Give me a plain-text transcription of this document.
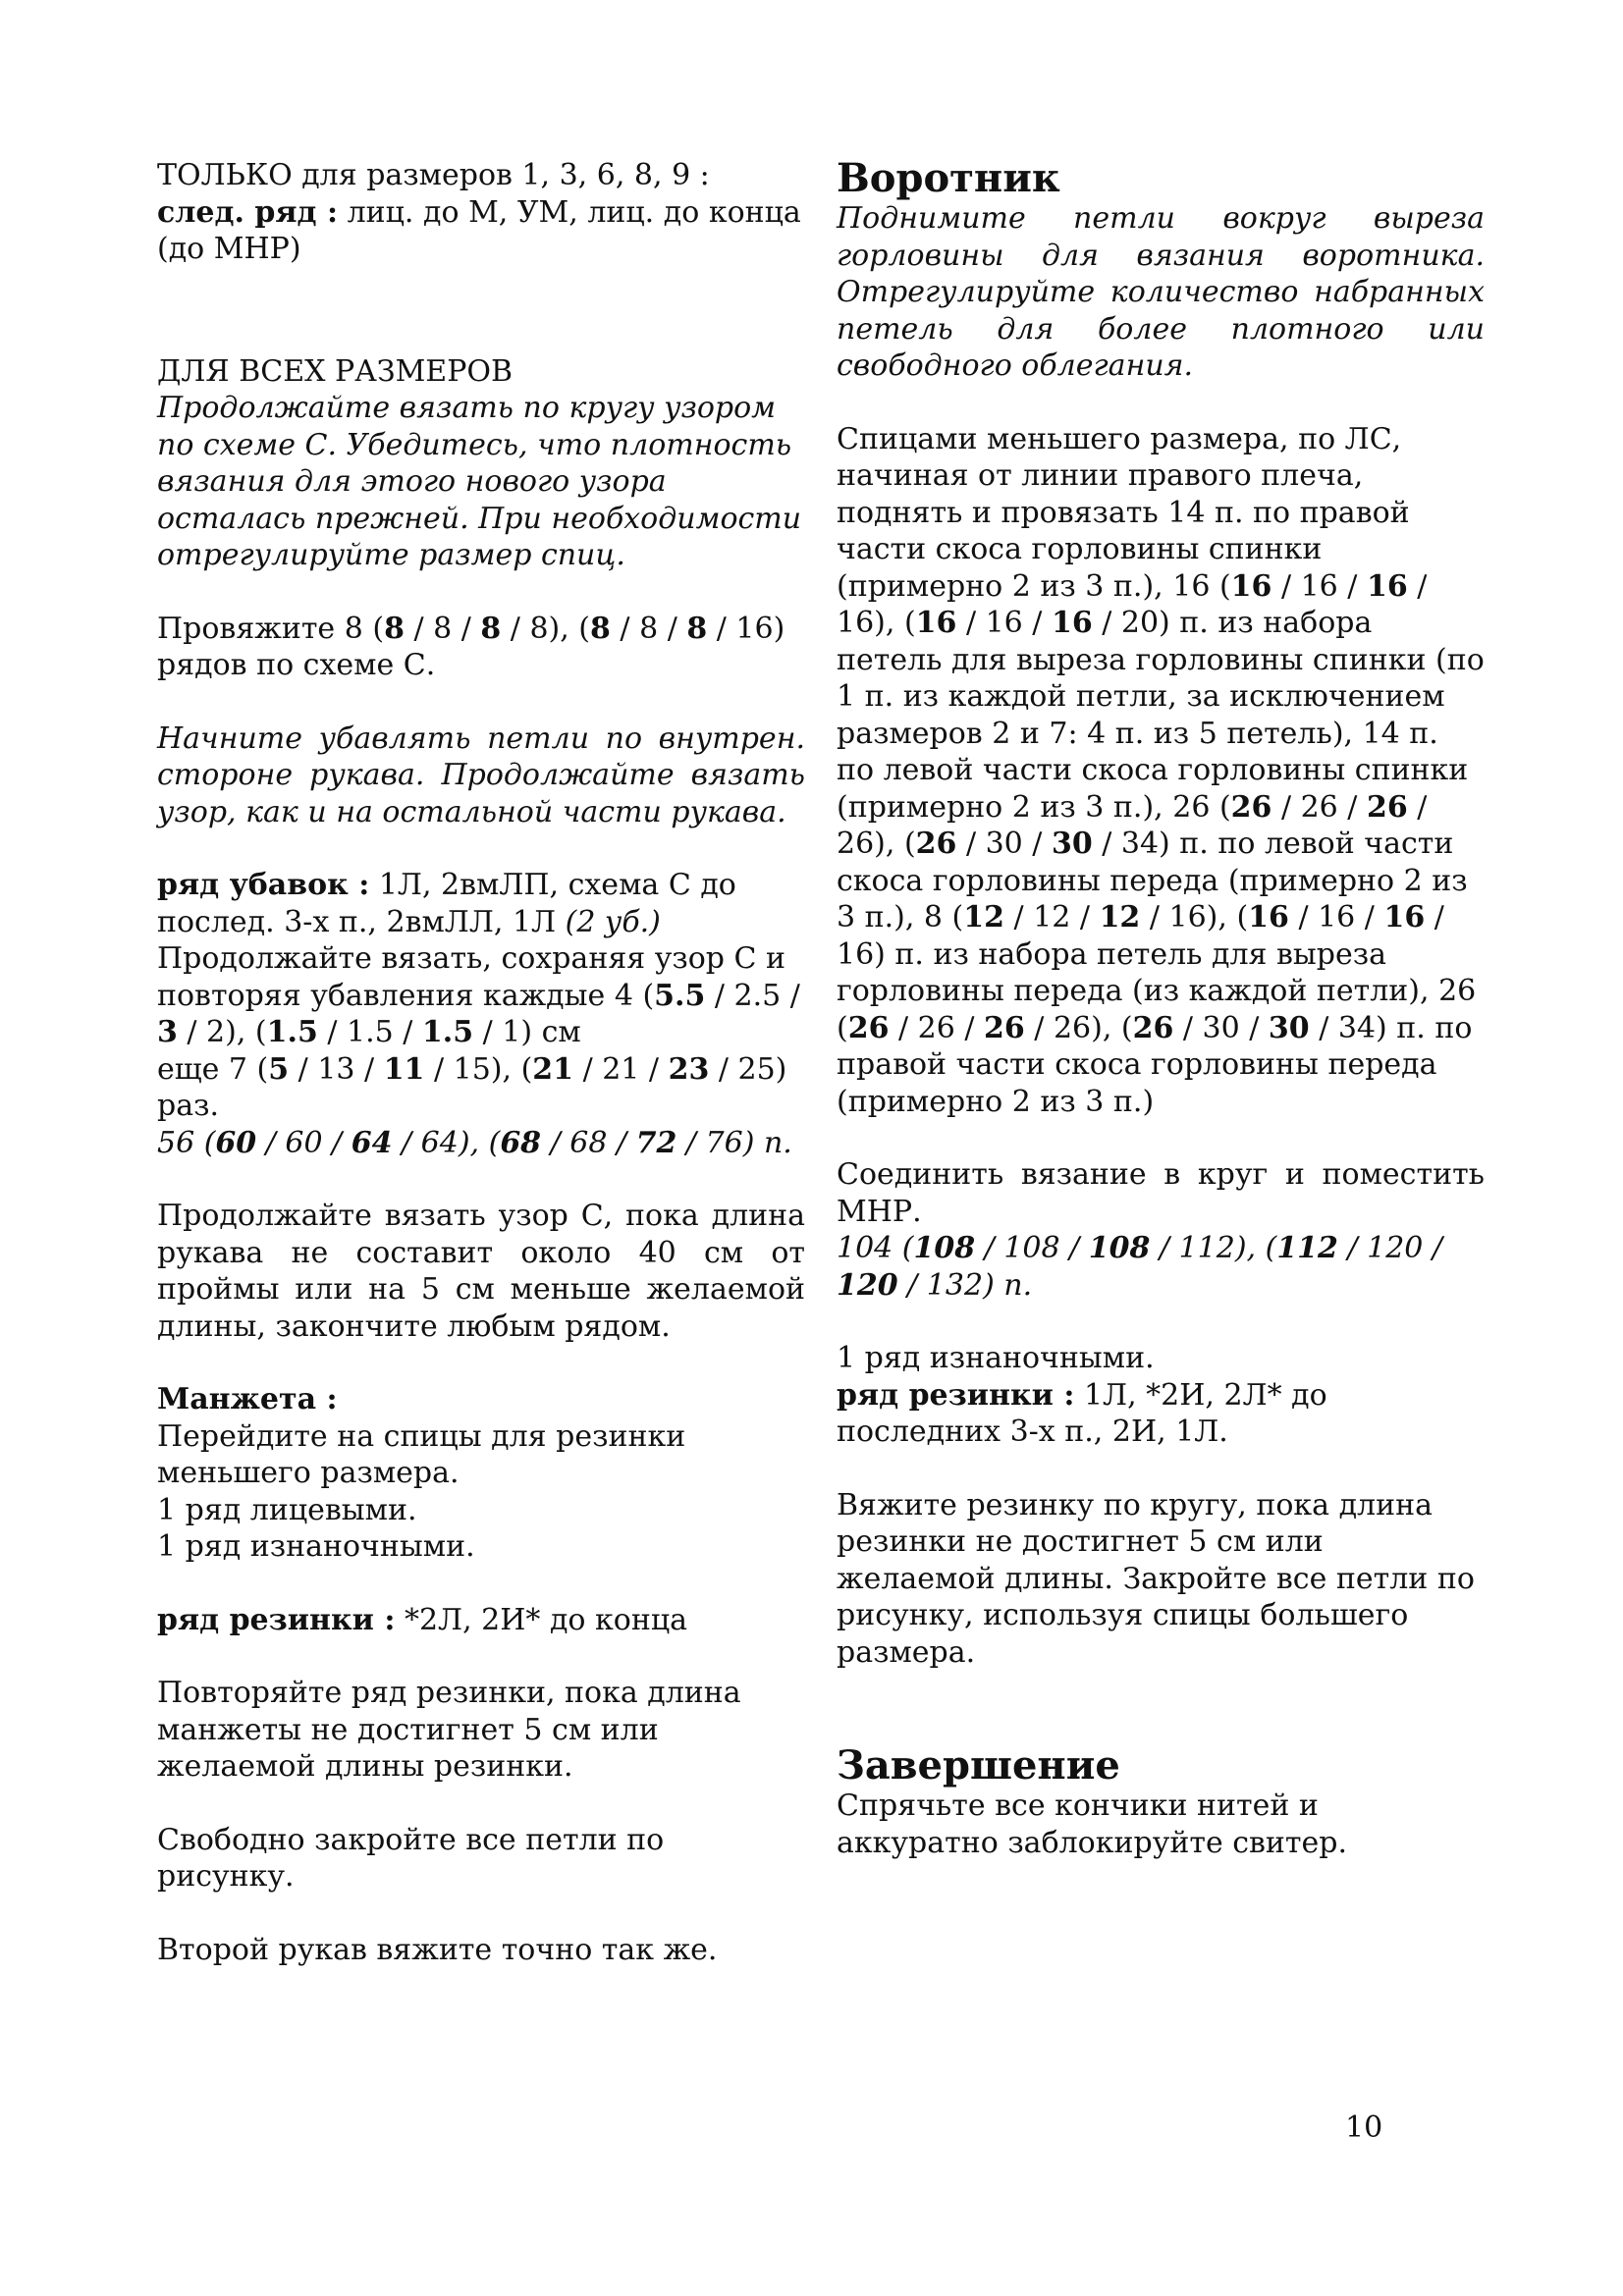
ТОЛЬКО для размеров 1, 3, 6, 8, 9 :

след. ряд : лиц. до М, УМ, лиц. до конца (до МНР)

ДЛЯ ВСЕХ РАЗМЕРОВ

Продолжайте вязать по кругу узором по схеме С. Убедитесь, что плотность вязания для этого нового узора осталась прежней. При необходимости отрегулируйте размер спиц.

Провяжите 8 (8 / 8 / 8 / 8), (8 / 8 / 8 / 16) рядов по схеме С.

Начните убавлять петли по внутрен. стороне рукава. Продолжайте вязать узор, как и на остальной части рукава.

ряд убавок : 1Л, 2вмЛП, схема С до послед. 3-х п., 2вмЛЛ, 1Л (2 уб.)

Продолжайте вязать, сохраняя узор С и повторяя убавления каждые 4 (5.5 / 2.5 / 3 / 2), (1.5 / 1.5 / 1.5 / 1) см

еще 7 (5 / 13 / 11 / 15), (21 / 21 / 23 / 25) раз.

56 (60 / 60 / 64 / 64), (68 / 68 / 72 / 76) п.

Продолжайте вязать узор С, пока длина рукава не составит около 40 см от проймы или на 5 см меньше желаемой длины, закончите любым рядом.

Манжета :

Перейдите на спицы для резинки меньшего размера.

1 ряд лицевыми.

1 ряд изнаночными.

ряд резинки : *2Л, 2И* до конца

Повторяйте ряд резинки, пока длина манжеты не достигнет 5 см или желаемой длины резинки.

Свободно закройте все петли по рисунку.

Второй рукав вяжите точно так же.

Воротник

Поднимите петли вокруг выреза горловины для вязания воротника. Отрегулируйте количество набранных петель для более плотного или свободного облегания.

Спицами меньшего размера, по ЛС, начиная от линии правого плеча, поднять и провязать 14 п. по правой части скоса горловины спинки (примерно 2 из 3 п.), 16 (16 / 16 / 16 / 16), (16 / 16 / 16 / 20) п. из набора петель для выреза горловины спинки (по 1 п. из каждой петли, за исключением размеров 2 и 7: 4 п. из 5 петель), 14 п. по левой части скоса горловины спинки (примерно 2 из 3 п.), 26 (26 / 26 / 26 / 26), (26 / 30 / 30 / 34) п. по левой части скоса горловины переда (примерно 2 из 3 п.), 8 (12 / 12 / 12 / 16), (16 / 16 / 16 / 16) п. из набора петель для выреза горловины переда (из каждой петли), 26 (26 / 26 / 26 / 26), (26 / 30 / 30 / 34) п. по правой части скоса горловины переда (примерно 2 из 3 п.)

Соединить вязание в круг и поместить МНР.

104 (108 / 108 / 108 / 112), (112 / 120 / 120 / 132) п.

1 ряд изнаночными.

ряд резинки : 1Л, *2И, 2Л* до последних 3-х п., 2И, 1Л.

Вяжите резинку по кругу, пока длина резинки не достигнет 5 см или желаемой длины. Закройте все петли по рисунку, используя спицы большего размера.

Завершение

Спрячьте все кончики нитей и аккуратно заблокируйте свитер.

10
